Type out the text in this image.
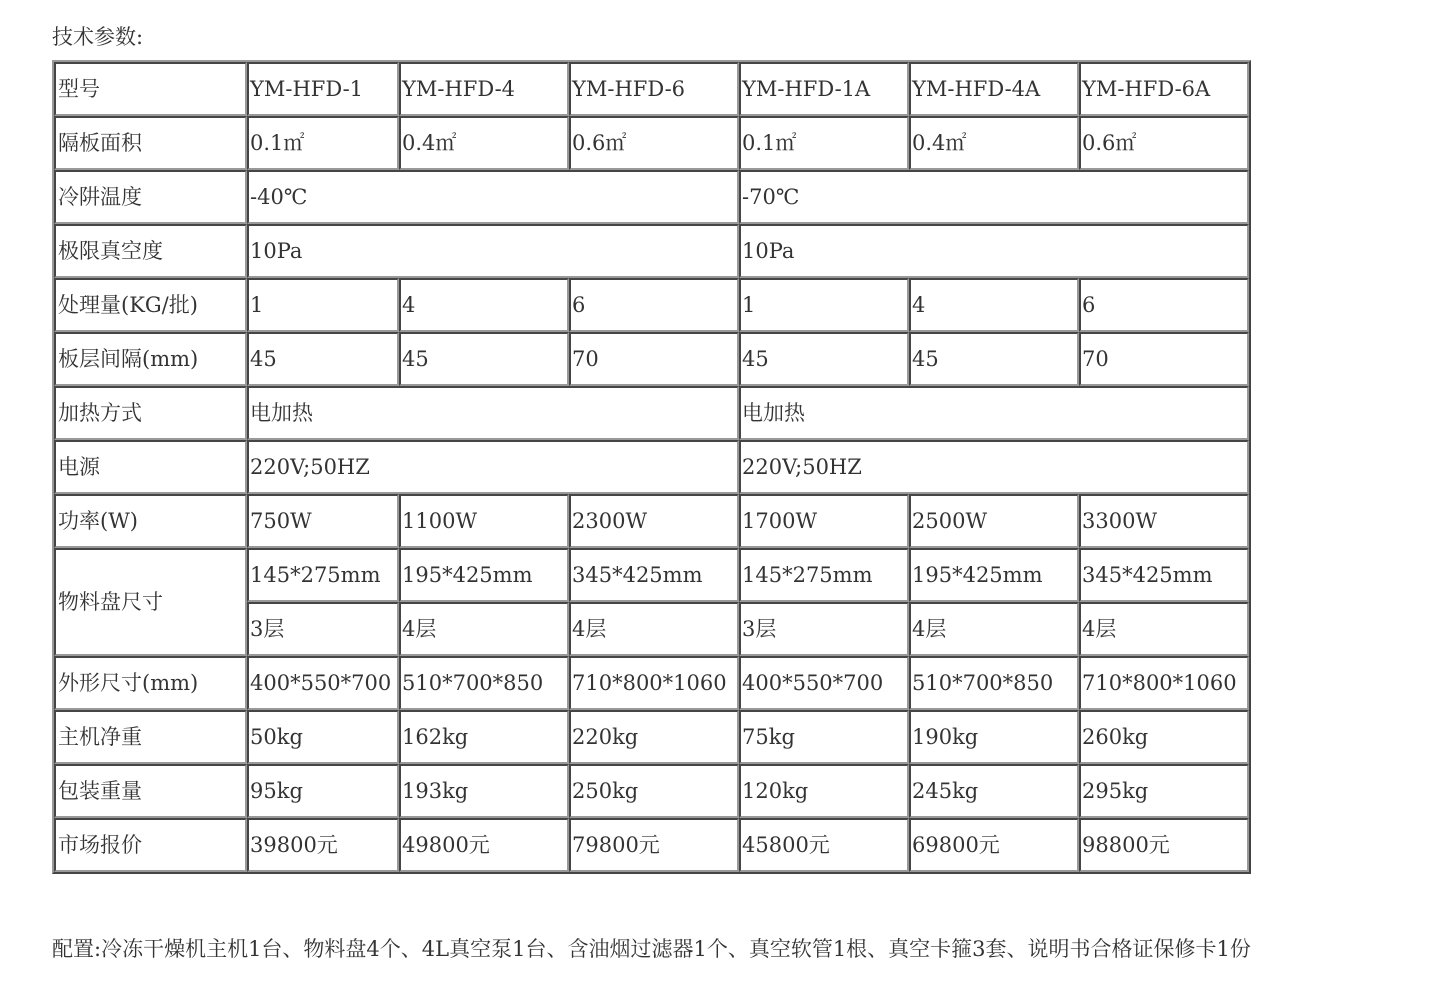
技术参数:
型号	YM-HFD-1	YM-HFD-4	YM-HFD-6	YM-HFD-1A	YM-HFD-4A	YM-HFD-6A
隔板面积	0.1㎡	0.4㎡	0.6㎡	0.1㎡	0.4㎡	0.6㎡
冷阱温度	-40℃			-70℃		
极限真空度	10Pa			10Pa		
处理量(KG/批)	1	4	6	1	4	6
板层间隔(mm)	45	45	70	45	45	70
加热方式	电加热			电加热		
电源	220V;50HZ			220V;50HZ		
功率(W)	750W	1100W	2300W	1700W	2500W	3300W
物料盘尺寸	145*275mm	195*425mm	345*425mm	145*275mm	195*425mm	345*425mm
	3层	4层	4层	3层	4层	4层
外形尺寸(mm)	400*550*700	510*700*850	710*800*1060	400*550*700	510*700*850	710*800*1060
主机净重	50kg	162kg	220kg	75kg	190kg	260kg
包装重量	95kg	193kg	250kg	120kg	245kg	295kg
市场报价	39800元	49800元	79800元	45800元	69800元	98800元
配置:冷冻干燥机主机1台、物料盘4个、4L真空泵1台、含油烟过滤器1个、真空软管1根、真空卡箍3套、说明书合格证保修卡1份
